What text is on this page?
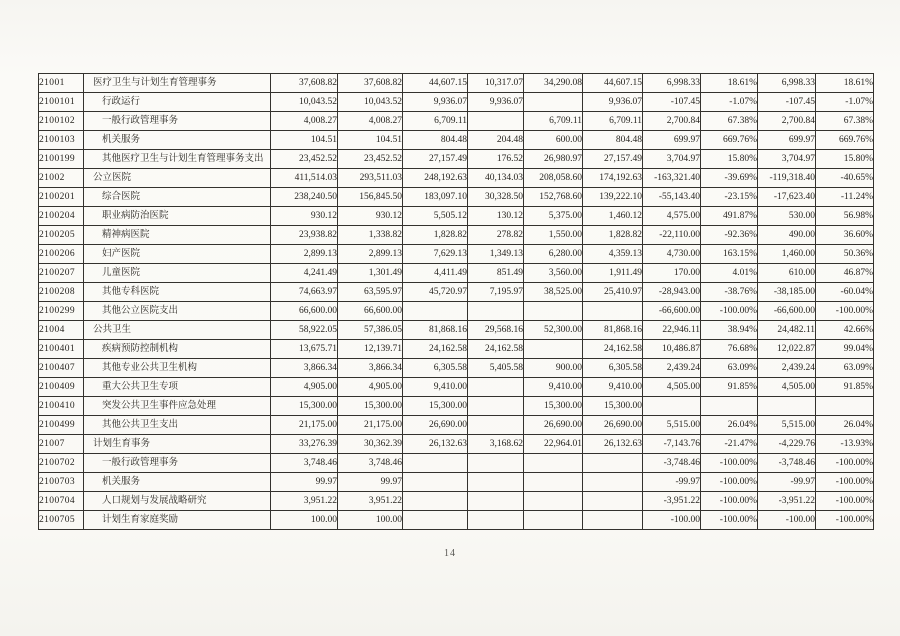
21001	医疗卫生与计划生育管理事务	37,608.82	37,608.82	44,607.15	10,317.07	34,290.08	44,607.15	6,998.33	18.61%	6,998.33	18.61%
2100101	行政运行	10,043.52	10,043.52	9,936.07	9,936.07		9,936.07	-107.45	-1.07%	-107.45	-1.07%
2100102	一般行政管理事务	4,008.27	4,008.27	6,709.11		6,709.11	6,709.11	2,700.84	67.38%	2,700.84	67.38%
2100103	机关服务	104.51	104.51	804.48	204.48	600.00	804.48	699.97	669.76%	699.97	669.76%
2100199	其他医疗卫生与计划生育管理事务支出	23,452.52	23,452.52	27,157.49	176.52	26,980.97	27,157.49	3,704.97	15.80%	3,704.97	15.80%
21002	公立医院	411,514.03	293,511.03	248,192.63	40,134.03	208,058.60	174,192.63	-163,321.40	-39.69%	-119,318.40	-40.65%
2100201	综合医院	238,240.50	156,845.50	183,097.10	30,328.50	152,768.60	139,222.10	-55,143.40	-23.15%	-17,623.40	-11.24%
2100204	职业病防治医院	930.12	930.12	5,505.12	130.12	5,375.00	1,460.12	4,575.00	491.87%	530.00	56.98%
2100205	精神病医院	23,938.82	1,338.82	1,828.82	278.82	1,550.00	1,828.82	-22,110.00	-92.36%	490.00	36.60%
2100206	妇产医院	2,899.13	2,899.13	7,629.13	1,349.13	6,280.00	4,359.13	4,730.00	163.15%	1,460.00	50.36%
2100207	儿童医院	4,241.49	1,301.49	4,411.49	851.49	3,560.00	1,911.49	170.00	4.01%	610.00	46.87%
2100208	其他专科医院	74,663.97	63,595.97	45,720.97	7,195.97	38,525.00	25,410.97	-28,943.00	-38.76%	-38,185.00	-60.04%
2100299	其他公立医院支出	66,600.00	66,600.00					-66,600.00	-100.00%	-66,600.00	-100.00%
21004	公共卫生	58,922.05	57,386.05	81,868.16	29,568.16	52,300.00	81,868.16	22,946.11	38.94%	24,482.11	42.66%
2100401	疾病预防控制机构	13,675.71	12,139.71	24,162.58	24,162.58		24,162.58	10,486.87	76.68%	12,022.87	99.04%
2100407	其他专业公共卫生机构	3,866.34	3,866.34	6,305.58	5,405.58	900.00	6,305.58	2,439.24	63.09%	2,439.24	63.09%
2100409	重大公共卫生专项	4,905.00	4,905.00	9,410.00		9,410.00	9,410.00	4,505.00	91.85%	4,505.00	91.85%
2100410	突发公共卫生事件应急处理	15,300.00	15,300.00	15,300.00		15,300.00	15,300.00				
2100499	其他公共卫生支出	21,175.00	21,175.00	26,690.00		26,690.00	26,690.00	5,515.00	26.04%	5,515.00	26.04%
21007	计划生育事务	33,276.39	30,362.39	26,132.63	3,168.62	22,964.01	26,132.63	-7,143.76	-21.47%	-4,229.76	-13.93%
2100702	一般行政管理事务	3,748.46	3,748.46					-3,748.46	-100.00%	-3,748.46	-100.00%
2100703	机关服务	99.97	99.97					-99.97	-100.00%	-99.97	-100.00%
2100704	人口规划与发展战略研究	3,951.22	3,951.22					-3,951.22	-100.00%	-3,951.22	-100.00%
2100705	计划生育家庭奖励	100.00	100.00					-100.00	-100.00%	-100.00	-100.00%
14
